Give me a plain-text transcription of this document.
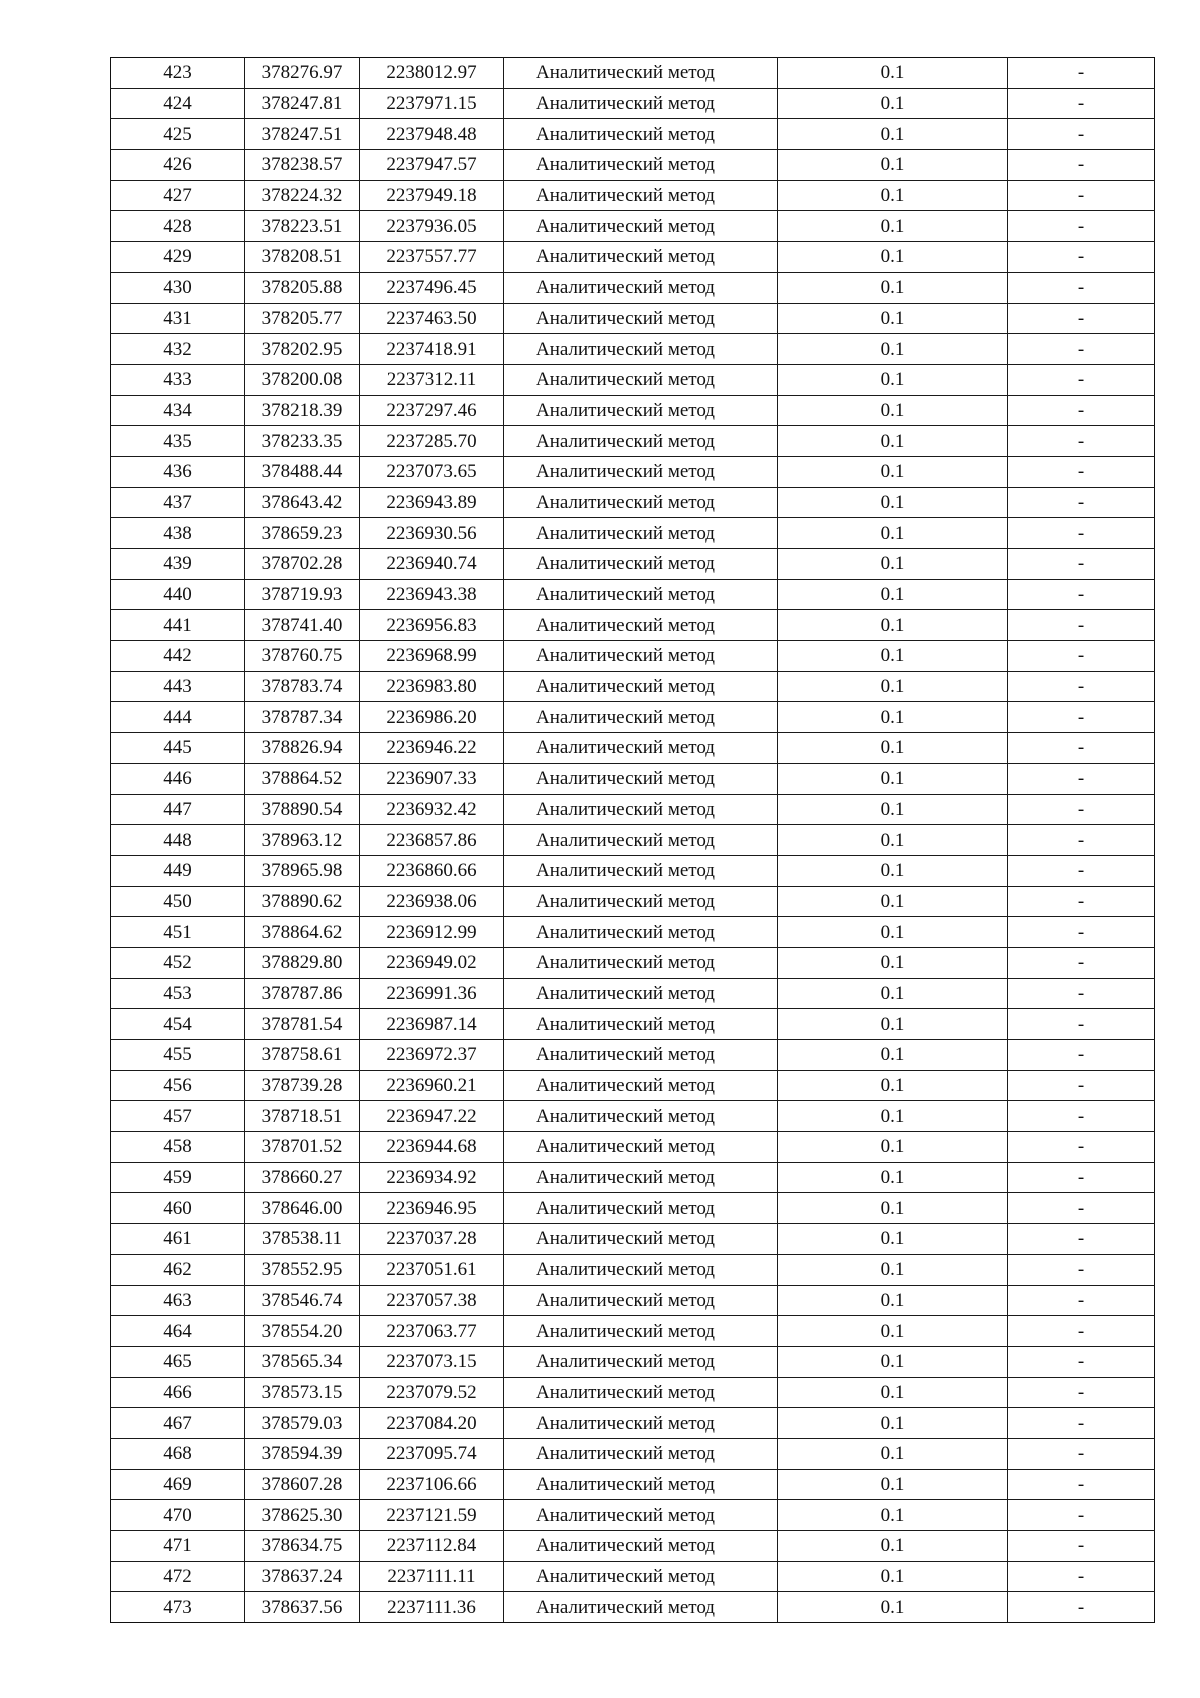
423	378276.97	2238012.97	Аналитический метод	0.1	-
424	378247.81	2237971.15	Аналитический метод	0.1	-
425	378247.51	2237948.48	Аналитический метод	0.1	-
426	378238.57	2237947.57	Аналитический метод	0.1	-
427	378224.32	2237949.18	Аналитический метод	0.1	-
428	378223.51	2237936.05	Аналитический метод	0.1	-
429	378208.51	2237557.77	Аналитический метод	0.1	-
430	378205.88	2237496.45	Аналитический метод	0.1	-
431	378205.77	2237463.50	Аналитический метод	0.1	-
432	378202.95	2237418.91	Аналитический метод	0.1	-
433	378200.08	2237312.11	Аналитический метод	0.1	-
434	378218.39	2237297.46	Аналитический метод	0.1	-
435	378233.35	2237285.70	Аналитический метод	0.1	-
436	378488.44	2237073.65	Аналитический метод	0.1	-
437	378643.42	2236943.89	Аналитический метод	0.1	-
438	378659.23	2236930.56	Аналитический метод	0.1	-
439	378702.28	2236940.74	Аналитический метод	0.1	-
440	378719.93	2236943.38	Аналитический метод	0.1	-
441	378741.40	2236956.83	Аналитический метод	0.1	-
442	378760.75	2236968.99	Аналитический метод	0.1	-
443	378783.74	2236983.80	Аналитический метод	0.1	-
444	378787.34	2236986.20	Аналитический метод	0.1	-
445	378826.94	2236946.22	Аналитический метод	0.1	-
446	378864.52	2236907.33	Аналитический метод	0.1	-
447	378890.54	2236932.42	Аналитический метод	0.1	-
448	378963.12	2236857.86	Аналитический метод	0.1	-
449	378965.98	2236860.66	Аналитический метод	0.1	-
450	378890.62	2236938.06	Аналитический метод	0.1	-
451	378864.62	2236912.99	Аналитический метод	0.1	-
452	378829.80	2236949.02	Аналитический метод	0.1	-
453	378787.86	2236991.36	Аналитический метод	0.1	-
454	378781.54	2236987.14	Аналитический метод	0.1	-
455	378758.61	2236972.37	Аналитический метод	0.1	-
456	378739.28	2236960.21	Аналитический метод	0.1	-
457	378718.51	2236947.22	Аналитический метод	0.1	-
458	378701.52	2236944.68	Аналитический метод	0.1	-
459	378660.27	2236934.92	Аналитический метод	0.1	-
460	378646.00	2236946.95	Аналитический метод	0.1	-
461	378538.11	2237037.28	Аналитический метод	0.1	-
462	378552.95	2237051.61	Аналитический метод	0.1	-
463	378546.74	2237057.38	Аналитический метод	0.1	-
464	378554.20	2237063.77	Аналитический метод	0.1	-
465	378565.34	2237073.15	Аналитический метод	0.1	-
466	378573.15	2237079.52	Аналитический метод	0.1	-
467	378579.03	2237084.20	Аналитический метод	0.1	-
468	378594.39	2237095.74	Аналитический метод	0.1	-
469	378607.28	2237106.66	Аналитический метод	0.1	-
470	378625.30	2237121.59	Аналитический метод	0.1	-
471	378634.75	2237112.84	Аналитический метод	0.1	-
472	378637.24	2237111.11	Аналитический метод	0.1	-
473	378637.56	2237111.36	Аналитический метод	0.1	-
